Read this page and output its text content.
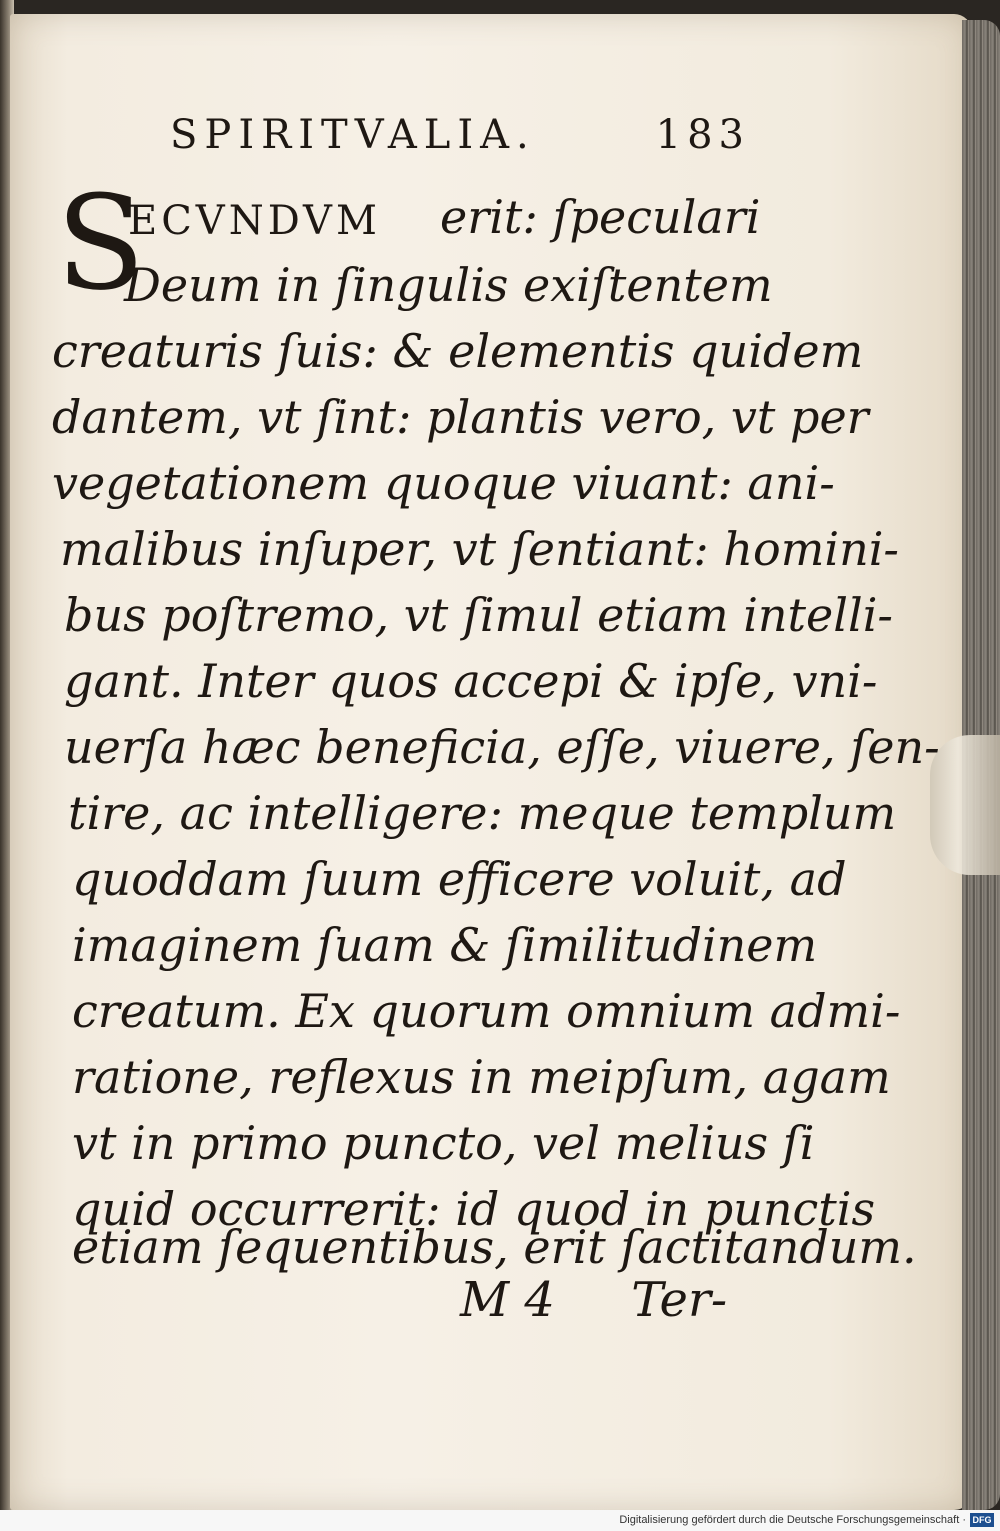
SPIRITVALIA.	183
S
ECVNDVM erit: ſpeculari
Deum in ſingulis exiſtentem
creaturis ſuis: & elementis quidem
dantem, vt ſint: plantis vero, vt per
vegetationem quoque viuant: ani-
malibus inſuper, vt ſentiant: homini-
bus poſtremo, vt ſimul etiam intelli-
gant. Inter quos accepi & ipſe, vni-
uerſa hæc beneficia, eſſe, viuere, ſen-
tire, ac intelligere: meque templum
quoddam ſuum efficere voluit, ad
imaginem ſuam & ſimilitudinem
creatum. Ex quorum omnium admi-
ratione, reflexus in meipſum, agam
vt in primo puncto, vel melius ſi
quid occurrerit: id quod in punctis
etiam ſequentibus, erit ſactitandum.
M 4 Ter-
Digitalisierung gefördert durch die Deutsche Forschungsgemeinschaft · DFG
